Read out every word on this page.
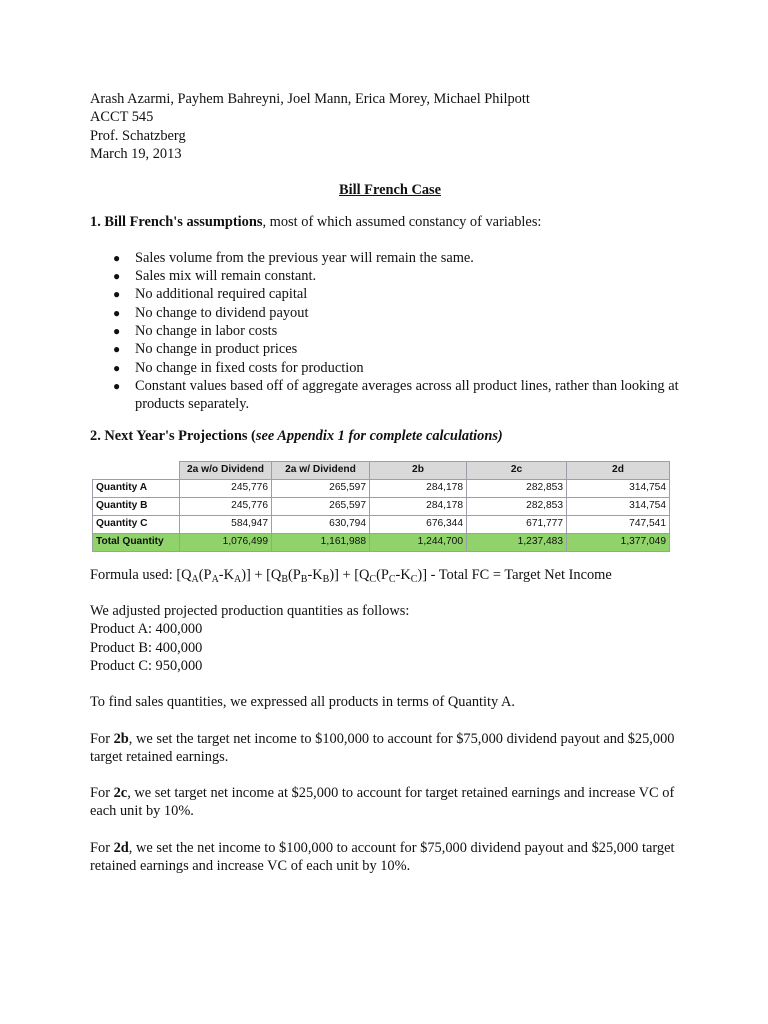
Arash Azarmi, Payhem Bahreyni, Joel Mann, Erica Morey, Michael Philpott

ACCT 545

Prof. Schatzberg

March 19, 2013

Bill French Case

1. Bill French's assumptions, most of which assumed constancy of variables:

● Sales volume from the previous year will remain the same.
● Sales mix will remain constant.
● No additional required capital
● No change to dividend payout
● No change in labor costs
● No change in product prices
● No change in fixed costs for production
● Constant values based off of aggregate averages across all product lines, rather than looking at products separately.

2. Next Year's Projections (see Appendix 1 for complete calculations)

	2a w/o Dividend	2a w/ Dividend	2b	2c	2d
Quantity A	245,776	265,597	284,178	282,853	314,754
Quantity B	245,776	265,597	284,178	282,853	314,754
Quantity C	584,947	630,794	676,344	671,777	747,541
Total Quantity	1,076,499	1,161,988	1,244,700	1,237,483	1,377,049

Formula used: $[Q_A(P_A-K_A)] + [Q_B(P_B-K_B)] + [Q_C(P_C-K_C)]$ - Total FC = Target Net Income

We adjusted projected production quantities as follows:

Product A: 400,000

Product B: 400,000

Product C: 950,000

To find sales quantities, we expressed all products in terms of Quantity A.

For 2b, we set the target net income to $100,000 to account for $75,000 dividend payout and $25,000 target retained earnings.

For 2c, we set target net income at $25,000 to account for target retained earnings and increase VC of each unit by 10%.

For 2d, we set the net income to $100,000 to account for $75,000 dividend payout and $25,000 target retained earnings and increase VC of each unit by 10%.
